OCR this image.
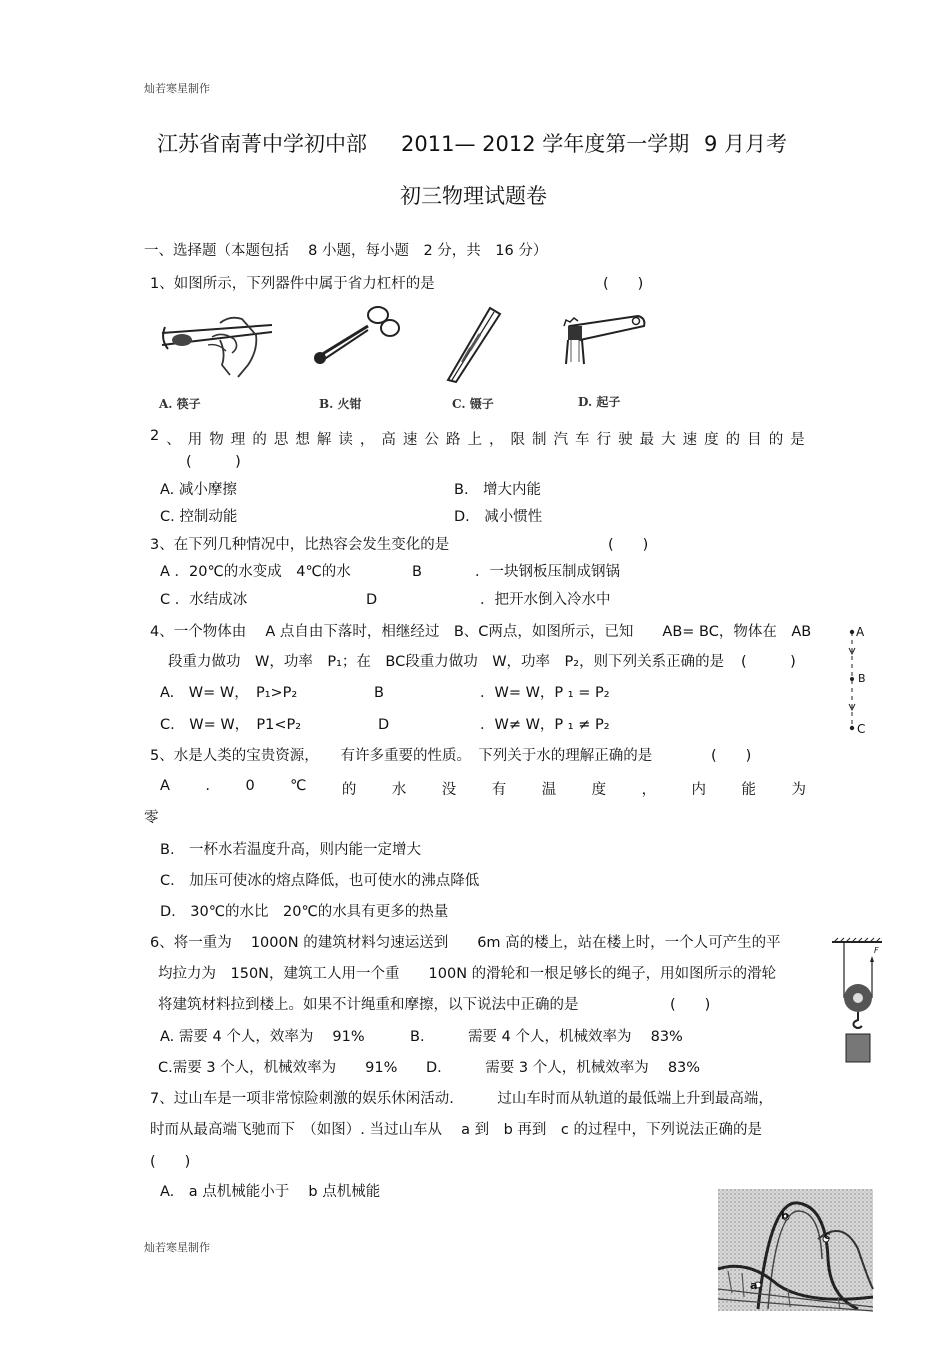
灿若寒星制作
江苏省南菁中学初中部 2011— 2012 学年度第一学期 9 月月考
初三物理试题卷
一、选择题（本题包括　 8 小题，每小题　2 分，共　16 分）
1、如图所示，下列器件中属于省力杠杆的是	(　　)
A. 筷子	B. 火钳	C. 镊子	D. 起子
2 、 用 物 理 的 思 想 解 读 ， 高 速 公 路 上 ， 限 制 汽 车 行 驶 最 大 速 度 的 目 的 是
(　　　)
A. 减小摩擦	B.　增大内能
C. 控制动能	D.　减小惯性
3、在下列几种情况中，比热容会发生变化的是	(　　)
A ．20℃的水变成　4℃的水	B	．一块钢板压制成钢锅
C ．水结成冰	D	．把开水倒入冷水中
4、一个物体由　 A 点自由下落时，相继经过　B、C两点，如图所示，已知　　AB= BC，物体在　AB
段重力做功　W，功率　P₁；在　BC段重力做功　W，功率　P₂，则下列关系正确的是 (　　　)
A.　W= W，　P₁>P₂	B	．W= W，P ₁ = P₂
C.　W= W，　P1<P₂	D	．W≠ W，P ₁ ≠ P₂
A
B
C
5、水是人类的宝贵资源，　　有许多重要的性质。　下列关于水的理解正确的是	(　　)
A . 0 ℃ 的 水 没 有 温 度 ， 内 能 为
零
B.　一杯水若温度升高，则内能一定增大
C.　加压可使冰的熔点降低，也可使水的沸点降低
D.　30℃的水比　20℃的水具有更多的热量
6、将一重为　 1000N 的建筑材料匀速运送到　　6m 高的楼上，站在楼上时，一个人可产生的平
均拉力为　150N，建筑工人用一个重　　100N 的滑轮和一根足够长的绳子，用如图所示的滑轮
将建筑材料拉到楼上。如果不计绳重和摩擦，以下说法中正确的是	(　　)
A. 需要 4 个人，效率为　 91%	B.　　　需要 4 个人，机械效率为　 83%
C.需要 3 个人，机械效率为　　91% D.　　　需要 3 个人，机械效率为　 83%
F
7、过山车是一项非常惊险刺激的娱乐休闲活动.　　　过山车时而从轨道的最低端上升到最高端，
时而从最高端飞驰而下　（如图）. 当过山车从　 a 到　b 再到　c 的过程中，下列说法正确的是
(　　)
A.　a 点机械能小于　 b 点机械能
a
b
c
灿若寒星制作
